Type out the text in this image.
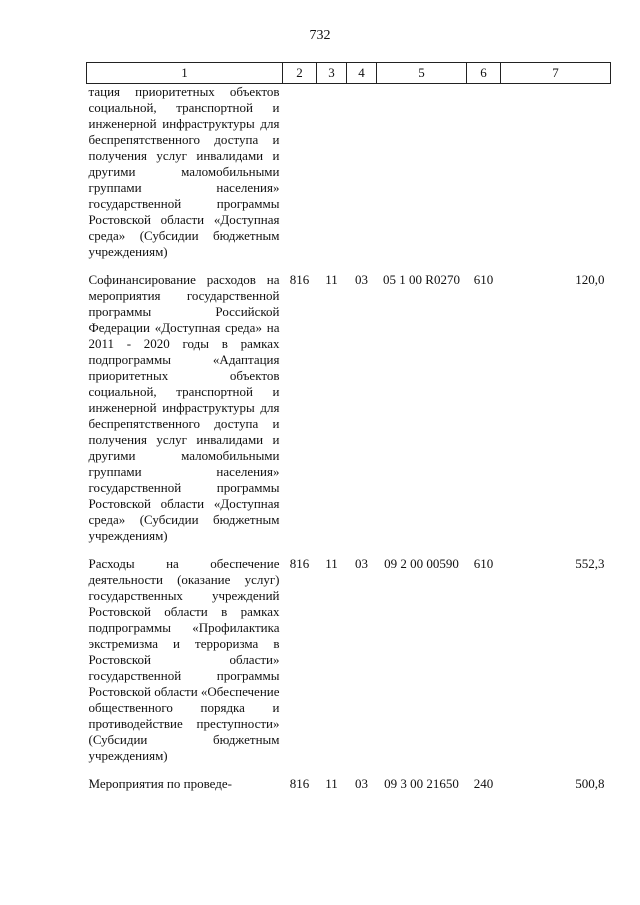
732
1	2	3	4	5	6	7
тация приоритетных объектов социальной, транспортной и инженерной инфраструктуры для беспрепятственного доступа и получения услуг инвалидами и другими маломобильными группами населения» государственной программы Ростовской области «Доступная среда» (Субсидии бюджетным учреждениям)						
Софинансирование расходов на мероприятия государственной программы Российской Федерации «Доступная среда» на 2011 - 2020 годы в рамках подпрограммы «Адаптация приоритетных объектов социальной, транспортной и инженерной инфраструктуры для беспрепятственного доступа и получения услуг инвалидами и другими маломобильными группами населения» государственной программы Ростовской области «Доступная среда» (Субсидии бюджетным учреждениям)	816	11	03	05 1 00 R0270	610	120,0
Расходы на обеспечение деятельности (оказание услуг) государственных учреждений Ростовской области в рамках подпрограммы «Профилактика экстремизма и терроризма в Ростовской области» государственной программы Ростовской области «Обеспечение общественного порядка и противодействие преступности» (Субсидии бюджетным учреждениям)	816	11	03	09 2 00 00590	610	552,3
Мероприятия по проведе-	816	11	03	09 3 00 21650	240	500,8
